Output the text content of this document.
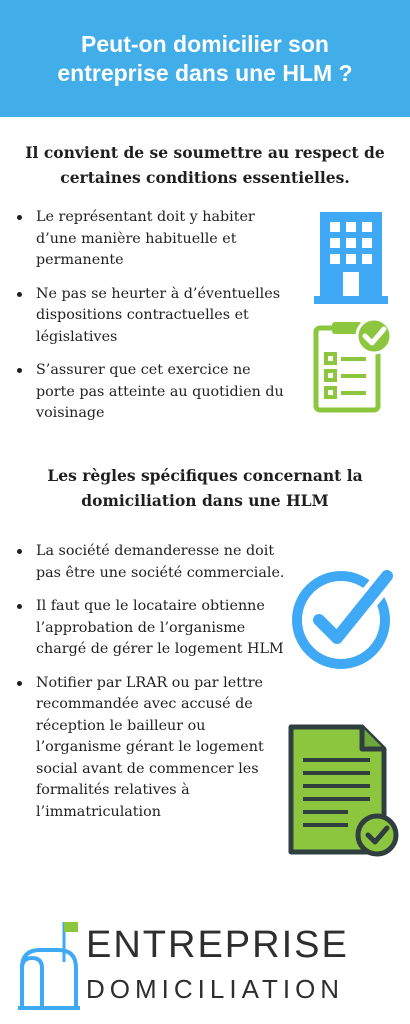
Peut-on domicilier son entreprise dans une HLM ?
Il convient de se soumettre au respect de certaines conditions essentielles.
Le représentant doit y habiter d’une manière habituelle et permanente
Ne pas se heurter à d’éventuelles dispositions contractuelles et législatives
S’assurer que cet exercice ne porte pas atteinte au quotidien du voisinage
Les règles spécifiques concernant la domiciliation dans une HLM
La société demanderesse ne doit pas être une société commerciale.
Il faut que le locataire obtienne l’approbation de l’organisme chargé de gérer le logement HLM
Notifier par LRAR ou par lettre recommandée avec accusé de réception le bailleur ou l’organisme gérant le logement social avant de commencer les formalités relatives à l’immatriculation
ENTREPRISE
DOMICILIATION
